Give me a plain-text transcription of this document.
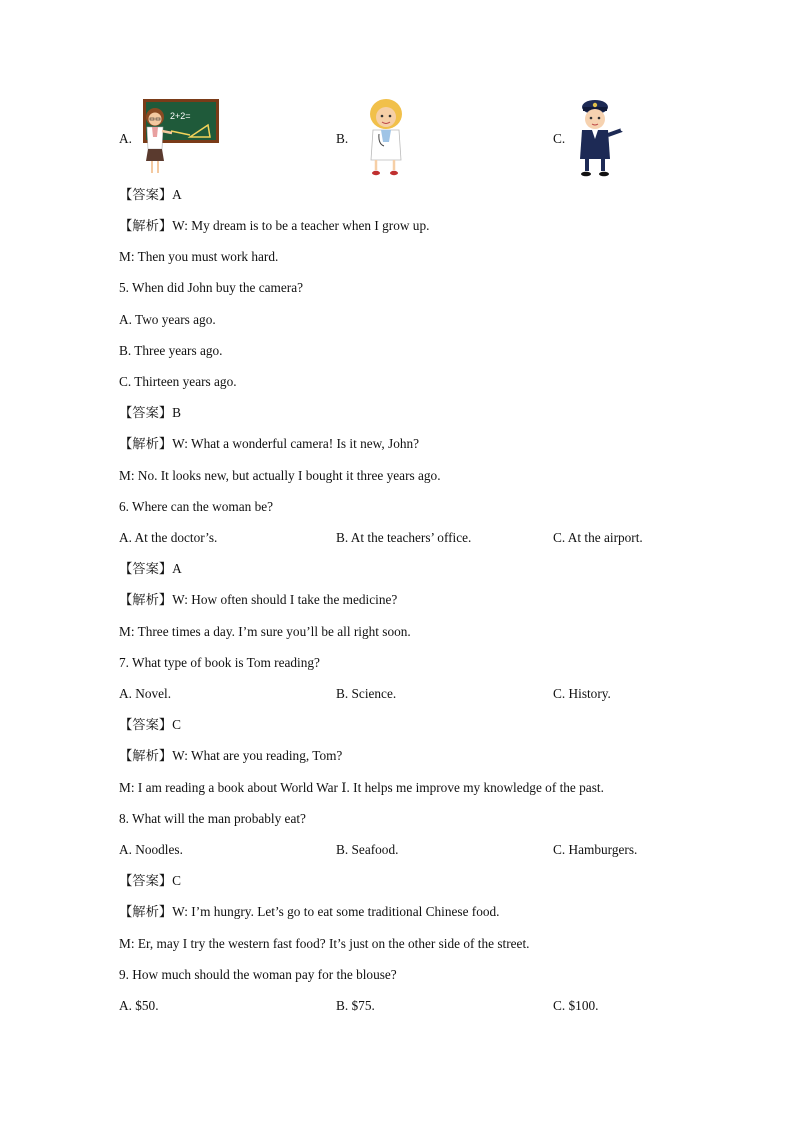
A.	B.	C.
2+2=
【答案】A
【解析】W: My dream is to be a teacher when I grow up.
M: Then you must work hard.
5. When did John buy the camera?
A. Two years ago.
B. Three years ago.
C. Thirteen years ago.
【答案】B
【解析】W: What a wonderful camera! Is it new, John?
M: No. It looks new, but actually I bought it three years ago.
6. Where can the woman be?
A. At the doctor’s.	B. At the teachers’ office.	C. At the airport.
【答案】A
【解析】W: How often should I take the medicine?
M: Three times a day. I’m sure you’ll be all right soon.
7. What type of book is Tom reading?
A. Novel.	B. Science.	C. History.
【答案】C
【解析】W: What are you reading, Tom?
M: I am reading a book about World War Ⅰ. It helps me improve my knowledge of the past.
8. What will the man probably eat?
A. Noodles.	B. Seafood.	C. Hamburgers.
【答案】C
【解析】W: I’m hungry. Let’s go to eat some traditional Chinese food.
M: Er, may I try the western fast food? It’s just on the other side of the street.
9. How much should the woman pay for the blouse?
A. $50.	B. $75.	C. $100.
